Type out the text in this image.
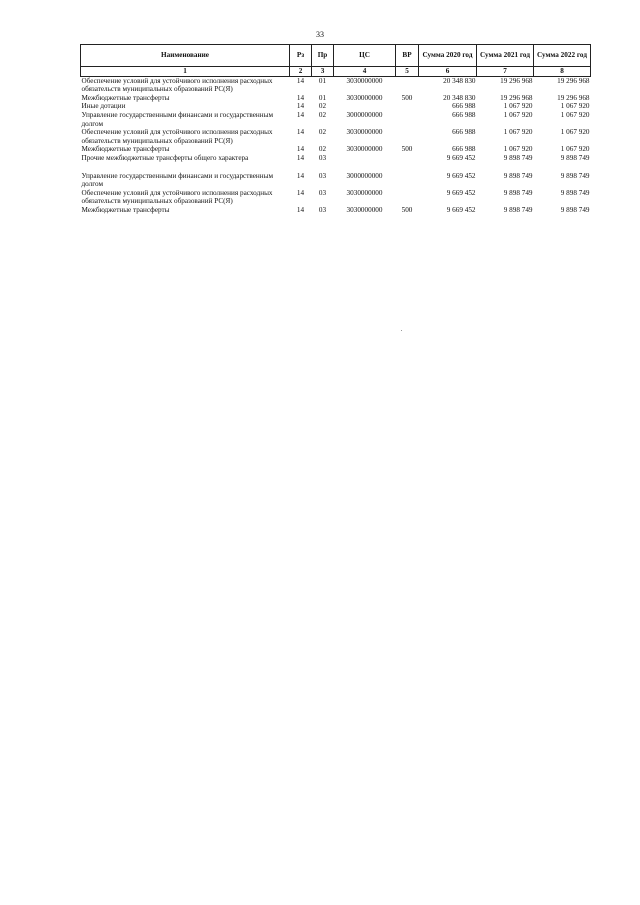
33
Наименование	Рз	Пр	ЦС	ВР	Сумма 2020 год	Сумма 2021 год	Сумма 2022 год
1	2	3	4	5	6	7	8
Обеспечение условий для устойчивого исполнения расходных обязательств муниципальных образований РС(Я)	14	01	3030000000		20 348 830	19 296 968	19 296 968
Межбюджетные трансферты	14	01	3030000000	500	20 348 830	19 296 968	19 296 968
Иные дотации	14	02			666 988	1 067 920	1 067 920
Управление государственными финансами и государственным долгом	14	02	3000000000		666 988	1 067 920	1 067 920
Обеспечение условий для устойчивого исполнения расходных обязательств муниципальных образований РС(Я)	14	02	3030000000		666 988	1 067 920	1 067 920
Межбюджетные трансферты	14	02	3030000000	500	666 988	1 067 920	1 067 920
Прочие межбюджетные трансферты общего характера	14	03			9 669 452	9 898 749	9 898 749
Управление государственными финансами и государственным долгом	14	03	3000000000		9 669 452	9 898 749	9 898 749
Обеспечение условий для устойчивого исполнения расходных обязательств муниципальных образований РС(Я)	14	03	3030000000		9 669 452	9 898 749	9 898 749
Межбюджетные трансферты	14	03	3030000000	500	9 669 452	9 898 749	9 898 749
